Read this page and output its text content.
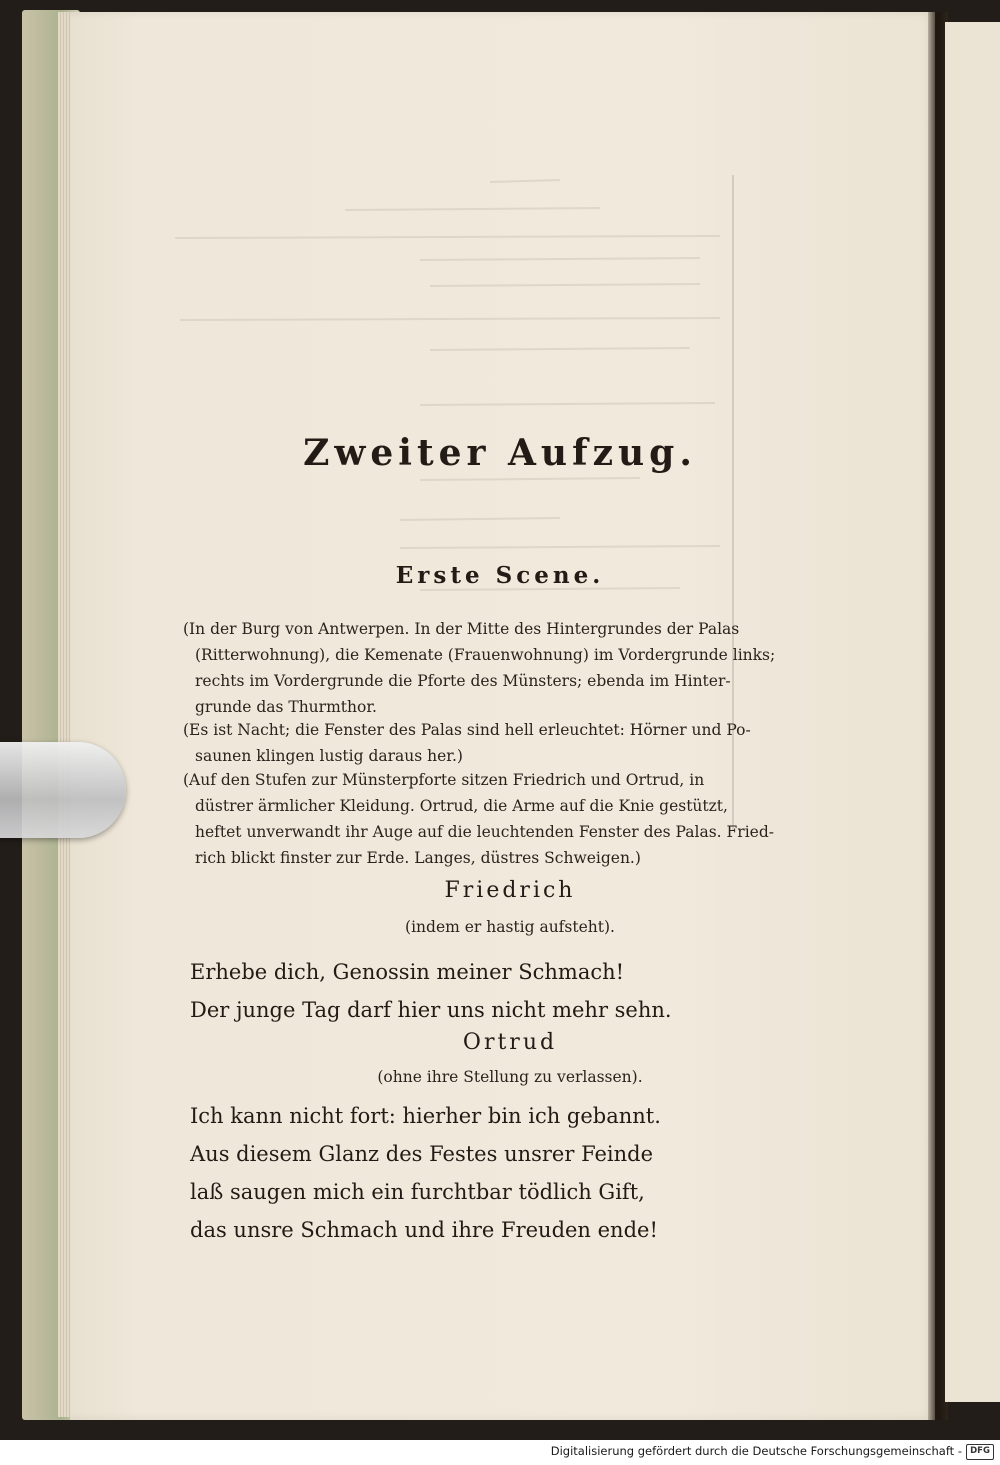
Zweiter Aufzug.
Erste Scene.

(In der Burg von Antwerpen. In der Mitte des Hintergrundes der Palas

(Ritterwohnung), die Kemenate (Frauenwohnung) im Vordergrunde links;
rechts im Vordergrunde die Pforte des Münsters; ebenda im Hinter-
grunde das Thurmthor.

(Es ist Nacht; die Fenster des Palas sind hell erleuchtet: Hörner und Po-

saunen klingen lustig daraus her.)

(Auf den Stufen zur Münsterpforte sitzen Friedrich und Ortrud, in

düstrer ärmlicher Kleidung. Ortrud, die Arme auf die Knie gestützt,
heftet unverwandt ihr Auge auf die leuchtenden Fenster des Palas. Fried-
rich blickt finster zur Erde. Langes, düstres Schweigen.)

Friedrich
(indem er hastig aufsteht).
Erhebe dich, Genossin meiner Schmach!
Der junge Tag darf hier uns nicht mehr sehn.
Ortrud
(ohne ihre Stellung zu verlassen).
Ich kann nicht fort: hierher bin ich gebannt.
Aus diesem Glanz des Festes unsrer Feinde
laß saugen mich ein furchtbar tödlich Gift,
das unsre Schmach und ihre Freuden ende!
Digitalisierung gefördert durch die Deutsche Forschungsgemeinschaft - DFG
